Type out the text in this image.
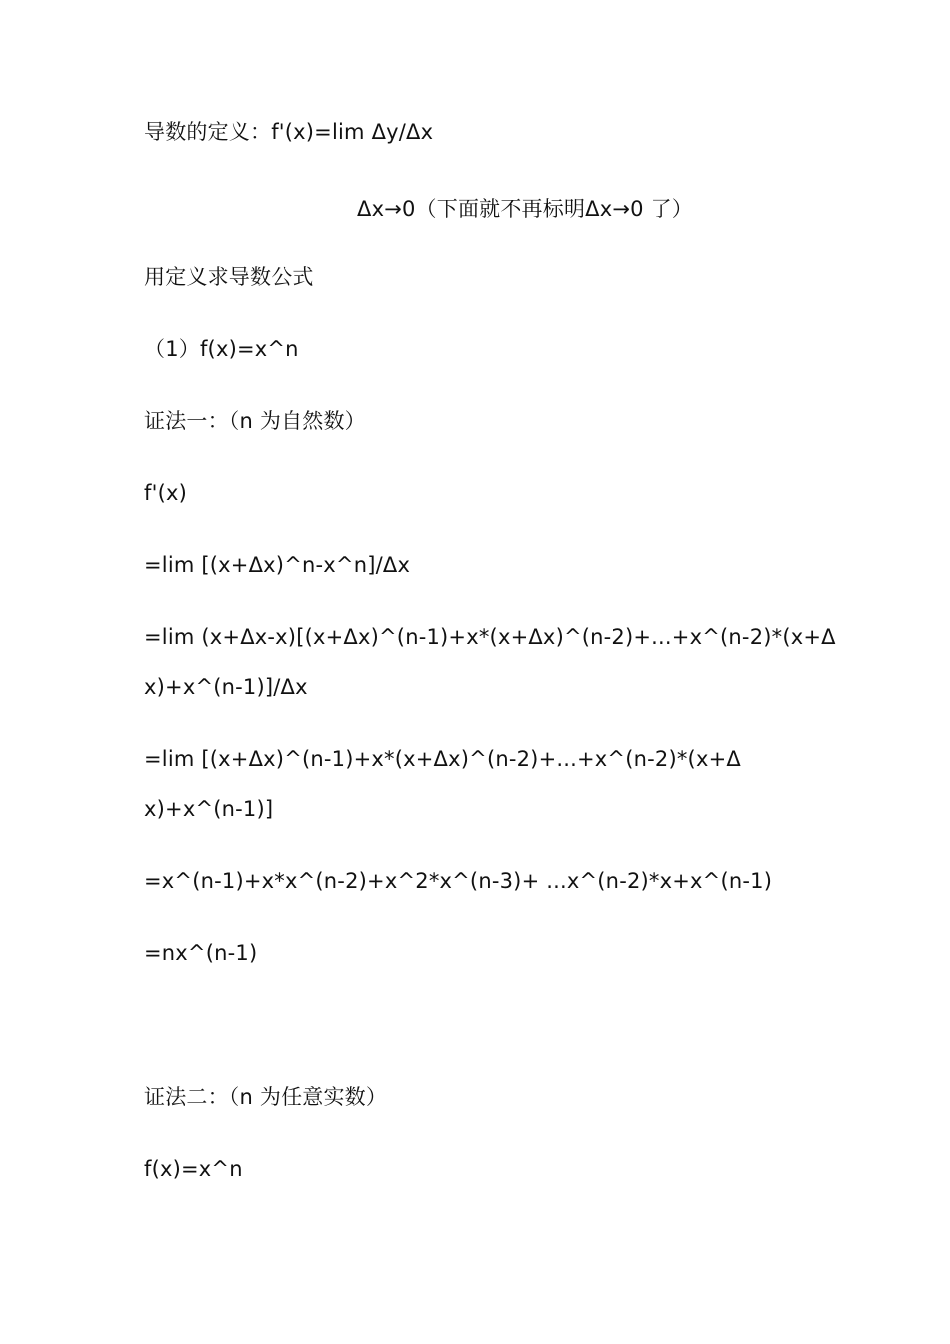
导数的定义：f'(x)=lim Δy/Δx
Δx→0（下面就不再标明Δx→0 了）
用定义求导数公式
（1）f(x)=x^n
证法一：（n 为自然数）
f'(x)
=lim [(x+Δx)^n-x^n]/Δx
=lim (x+Δx-x)[(x+Δx)^(n-1)+x*(x+Δx)^(n-2)+...+x^(n-2)*(x+Δ
x)+x^(n-1)]/Δx
=lim [(x+Δx)^(n-1)+x*(x+Δx)^(n-2)+...+x^(n-2)*(x+Δ
x)+x^(n-1)]
=x^(n-1)+x*x^(n-2)+x^2*x^(n-3)+ ...x^(n-2)*x+x^(n-1)
=nx^(n-1)
证法二：（n 为任意实数）
f(x)=x^n
